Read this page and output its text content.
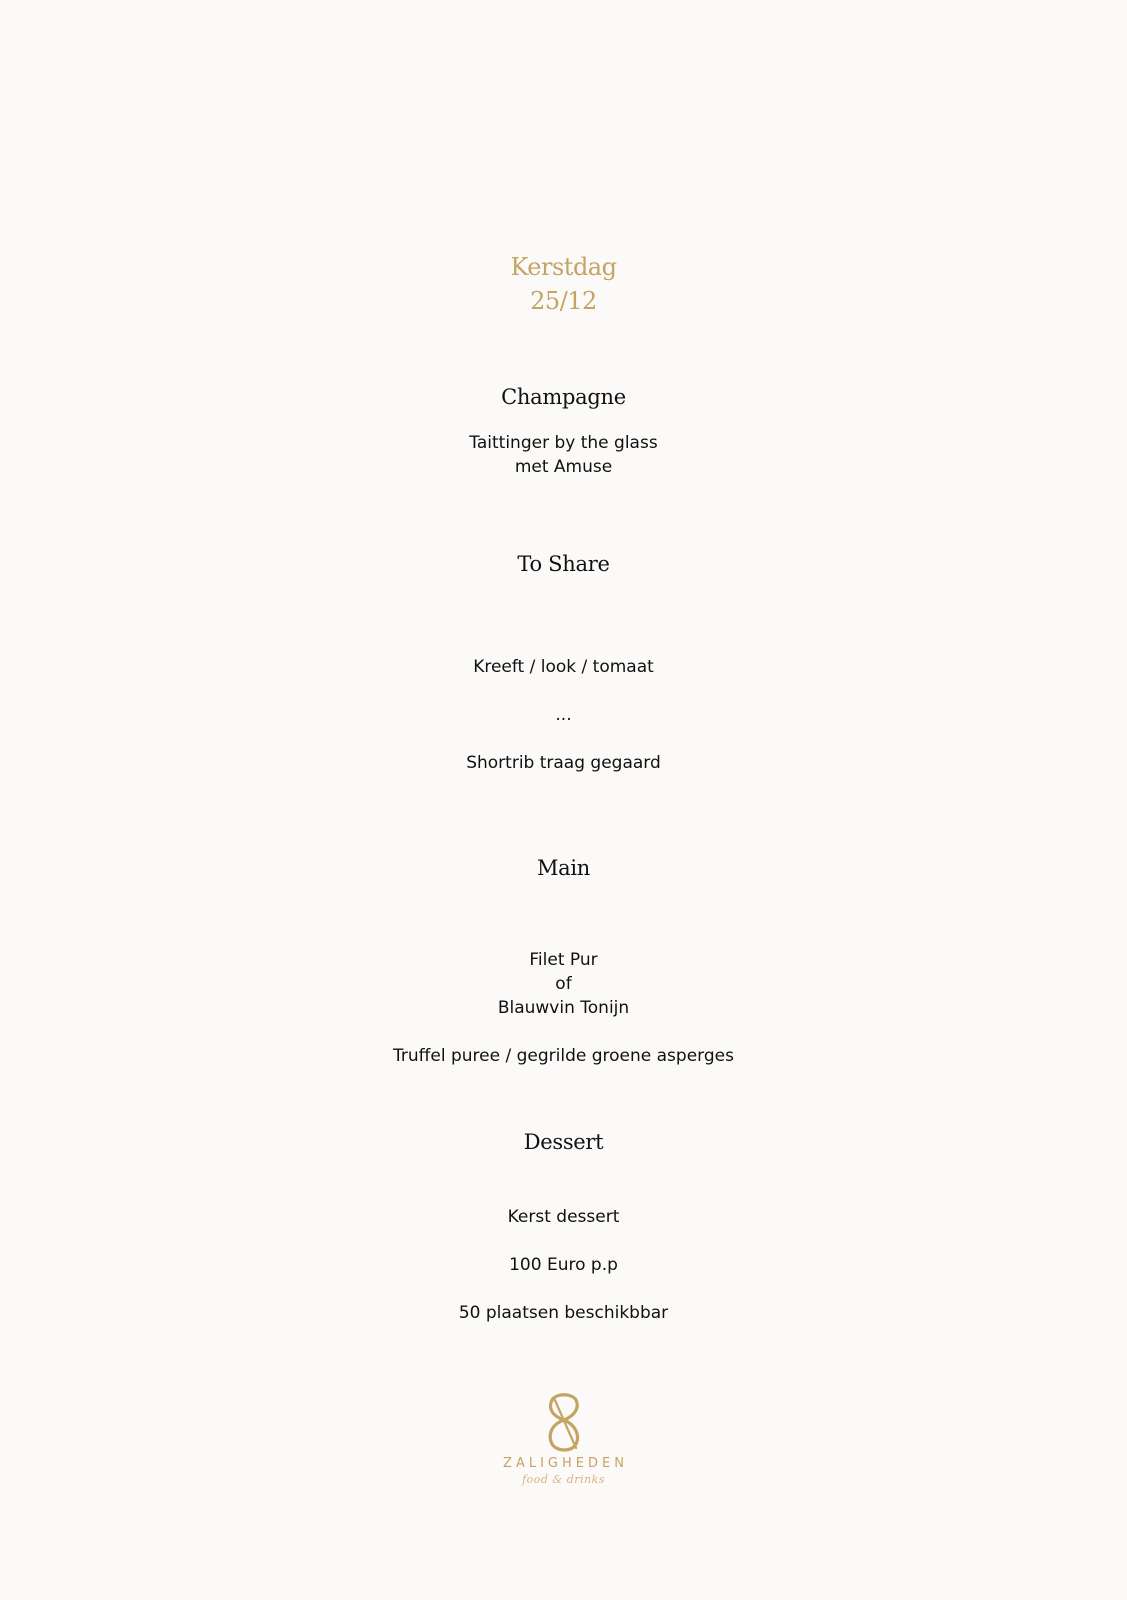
Kerstdag
25/12
Champagne
Taittinger by the glass
met Amuse
To Share
Kreeft / look / tomaat
...
Shortrib traag gegaard
Main
Filet Pur
of
Blauwvin Tonijn
Truffel puree / gegrilde groene asperges
Dessert
Kerst dessert
100 Euro p.p
50 plaatsen beschikbbar
ZALIGHEDEN
food & drinks
